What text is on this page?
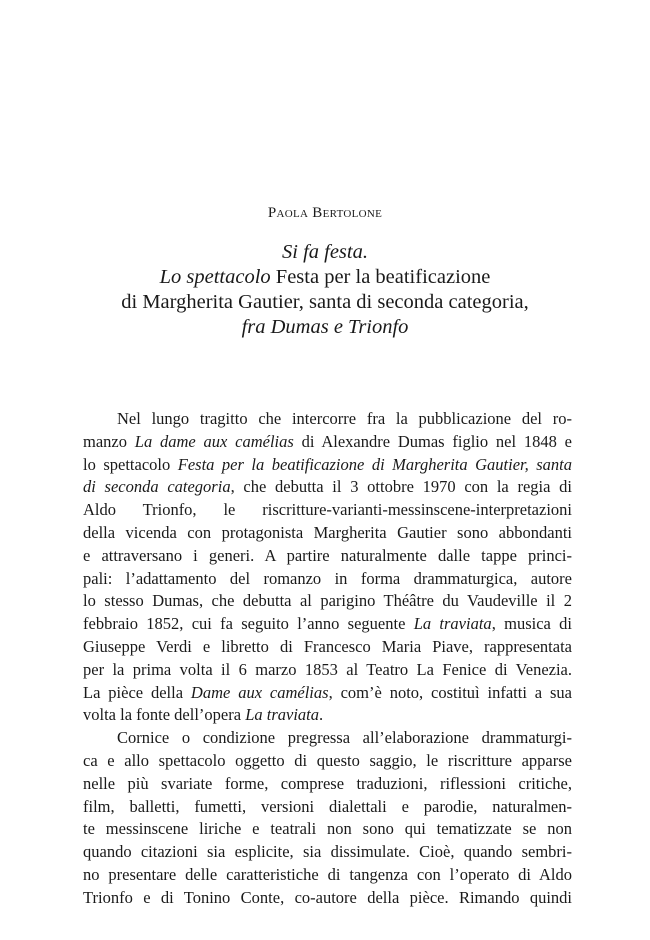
Paola Bertolone
Si fa festa.
Lo spettacolo Festa per la beatificazione
di Margherita Gautier, santa di seconda categoria,
fra Dumas e Trionfo

Nel lungo tragitto che intercorre fra la pubblicazione del ro-
manzo La dame aux camélias di Alexandre Dumas figlio nel 1848 e
lo spettacolo Festa per la beatificazione di Margherita Gautier, santa
di seconda categoria, che debutta il 3 ottobre 1970 con la regia di
Aldo Trionfo, le riscritture-varianti-messinscene-interpretazioni
della vicenda con protagonista Margherita Gautier sono abbondanti
e attraversano i generi. A partire naturalmente dalle tappe princi-
pali: l’adattamento del romanzo in forma drammaturgica, autore
lo stesso Dumas, che debutta al parigino Théâtre du Vaudeville il 2
febbraio 1852, cui fa seguito l’anno seguente La traviata, musica di
Giuseppe Verdi e libretto di Francesco Maria Piave, rappresentata
per la prima volta il 6 marzo 1853 al Teatro La Fenice di Venezia.
La pièce della Dame aux camélias, com’è noto, costituì infatti a sua
volta la fonte dell’opera La traviata.

Cornice o condizione pregressa all’elaborazione drammaturgi-
ca e allo spettacolo oggetto di questo saggio, le riscritture apparse
nelle più svariate forme, comprese traduzioni, riflessioni critiche,
film, balletti, fumetti, versioni dialettali e parodie, naturalmen-
te messinscene liriche e teatrali non sono qui tematizzate se non
quando citazioni sia esplicite, sia dissimulate. Cioè, quando sembri-
no presentare delle caratteristiche di tangenza con l’operato di Aldo
Trionfo e di Tonino Conte, co-autore della pièce. Rimando quindi
